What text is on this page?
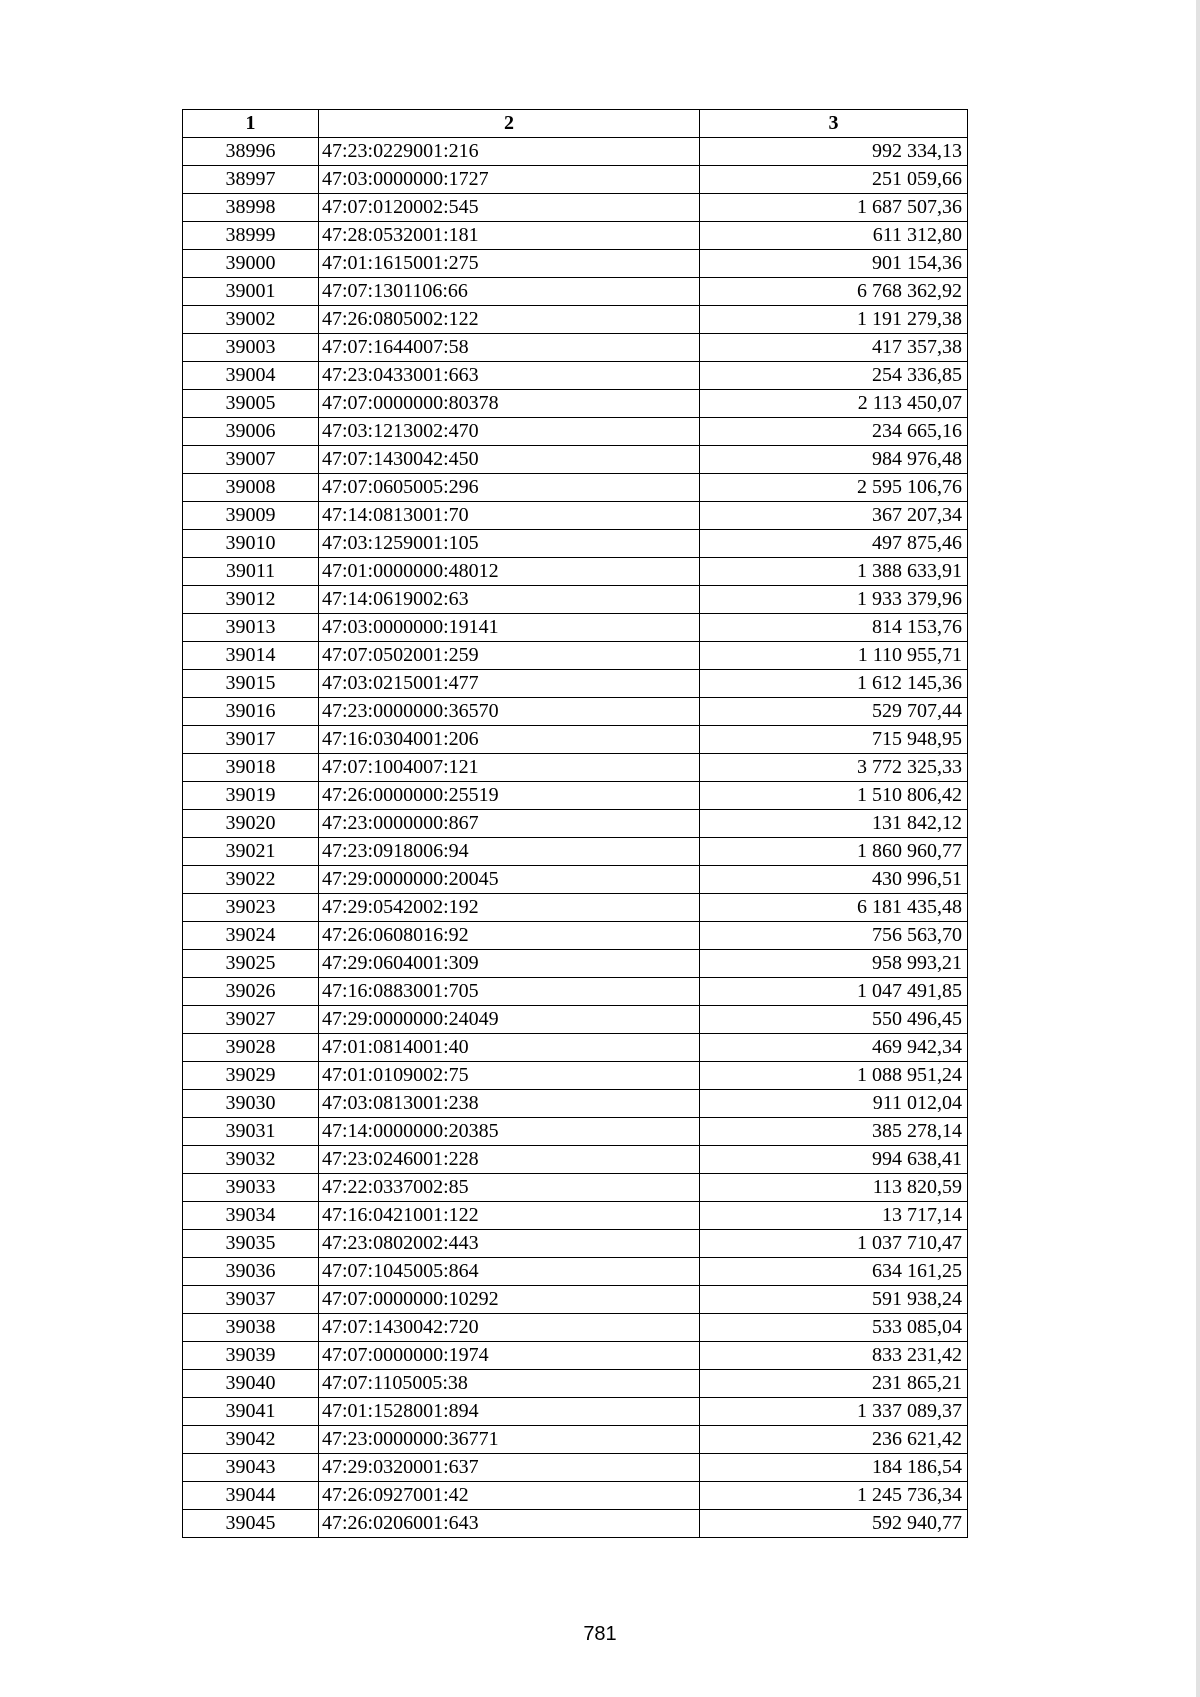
1	2	3
38996	47:23:0229001:216	992 334,13
38997	47:03:0000000:1727	251 059,66
38998	47:07:0120002:545	1 687 507,36
38999	47:28:0532001:181	611 312,80
39000	47:01:1615001:275	901 154,36
39001	47:07:1301106:66	6 768 362,92
39002	47:26:0805002:122	1 191 279,38
39003	47:07:1644007:58	417 357,38
39004	47:23:0433001:663	254 336,85
39005	47:07:0000000:80378	2 113 450,07
39006	47:03:1213002:470	234 665,16
39007	47:07:1430042:450	984 976,48
39008	47:07:0605005:296	2 595 106,76
39009	47:14:0813001:70	367 207,34
39010	47:03:1259001:105	497 875,46
39011	47:01:0000000:48012	1 388 633,91
39012	47:14:0619002:63	1 933 379,96
39013	47:03:0000000:19141	814 153,76
39014	47:07:0502001:259	1 110 955,71
39015	47:03:0215001:477	1 612 145,36
39016	47:23:0000000:36570	529 707,44
39017	47:16:0304001:206	715 948,95
39018	47:07:1004007:121	3 772 325,33
39019	47:26:0000000:25519	1 510 806,42
39020	47:23:0000000:867	131 842,12
39021	47:23:0918006:94	1 860 960,77
39022	47:29:0000000:20045	430 996,51
39023	47:29:0542002:192	6 181 435,48
39024	47:26:0608016:92	756 563,70
39025	47:29:0604001:309	958 993,21
39026	47:16:0883001:705	1 047 491,85
39027	47:29:0000000:24049	550 496,45
39028	47:01:0814001:40	469 942,34
39029	47:01:0109002:75	1 088 951,24
39030	47:03:0813001:238	911 012,04
39031	47:14:0000000:20385	385 278,14
39032	47:23:0246001:228	994 638,41
39033	47:22:0337002:85	113 820,59
39034	47:16:0421001:122	13 717,14
39035	47:23:0802002:443	1 037 710,47
39036	47:07:1045005:864	634 161,25
39037	47:07:0000000:10292	591 938,24
39038	47:07:1430042:720	533 085,04
39039	47:07:0000000:1974	833 231,42
39040	47:07:1105005:38	231 865,21
39041	47:01:1528001:894	1 337 089,37
39042	47:23:0000000:36771	236 621,42
39043	47:29:0320001:637	184 186,54
39044	47:26:0927001:42	1 245 736,34
39045	47:26:0206001:643	592 940,77
781
